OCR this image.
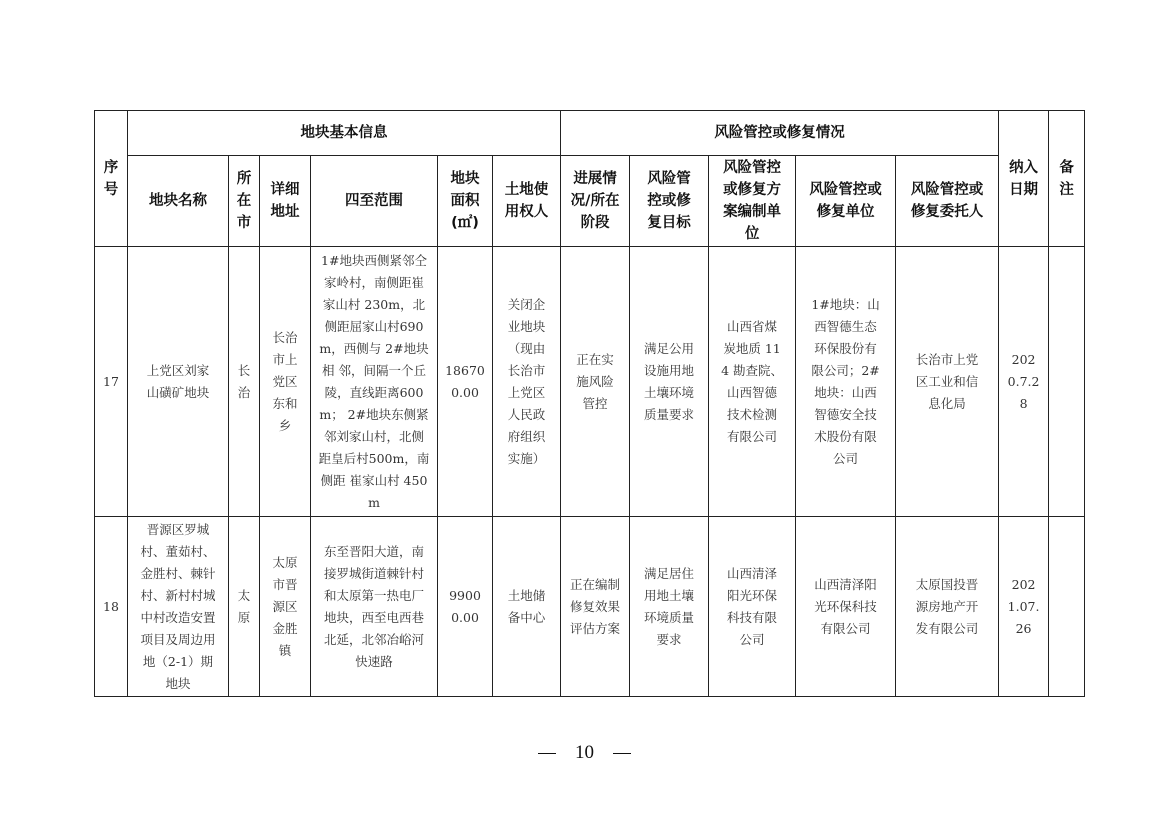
序号	地块基本信息						风险管控或修复情况					纳入日期	备注
	地块名称	所在市	详细地址	四至范围	地块面积(㎡)	土地使用权人	进展情况/所在阶段	风险管控或修复目标	风险管控或修复方案编制单位	风险管控或修复单位	风险管控或修复委托人		
17	上党区刘家山磺矿地块	长治	长治市上党区东和乡	1#地块西侧紧邻仝家岭村，南侧距崔家山村 230m，北侧距屈家山村690m，西侧与 2#地块相 邻，间隔一个丘陵，直线距离600m； 2#地块东侧紧邻刘家山村，北侧距皇后村500m，南侧距 崔家山村 450m	186700.00	关闭企业地块（现由长治市上党区人民政府组织实施）	正在实施风险管控	满足公用设施用地土壤环境质量要求	山西省煤炭地质 114 勘查院、山西智德技术检测有限公司	1#地块：山西智德生态环保股份有限公司；2#地块：山西智德安全技术股份有限公司	长治市上党区工业和信息化局	2020.7.28	
18	晋源区罗城村、董茹村、金胜村、棘针村、新村村城中村改造安置项目及周边用地（2-1）期地块	太原	太原市晋源区金胜镇	东至晋阳大道，南接罗城街道棘针村和太原第一热电厂地块，西至电西巷北延，北邻冶峪河快速路	99000.00	土地储备中心	正在编制修复效果评估方案	满足居住用地土壤环境质量要求	山西清泽阳光环保科技有限公司	山西清泽阳光环保科技有限公司	太原国投晋源房地产开发有限公司	2021.07.26	
10
